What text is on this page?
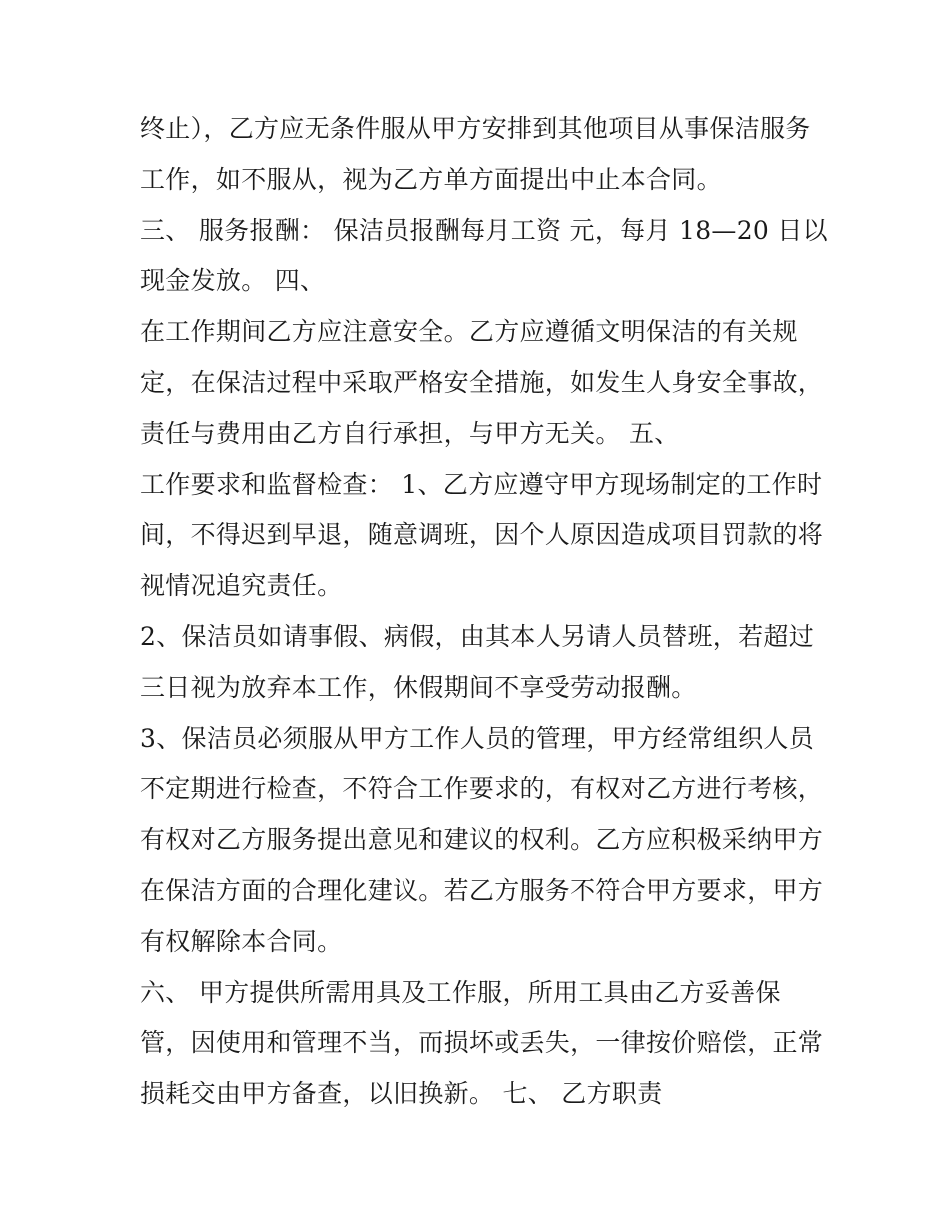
终止），乙方应无条件服从甲方安排到其他项目从事保洁服务
工作，如不服从，视为乙方单方面提出中止本合同。
三、 服务报酬： 保洁员报酬每月工资 元，每月 18—20 日以
现金发放。 四、
在工作期间乙方应注意安全。乙方应遵循文明保洁的有关规
定，在保洁过程中采取严格安全措施，如发生人身安全事故，
责任与费用由乙方自行承担，与甲方无关。 五、
工作要求和监督检查： 1、乙方应遵守甲方现场制定的工作时
间，不得迟到早退，随意调班，因个人原因造成项目罚款的将
视情况追究责任。
2、保洁员如请事假、病假，由其本人另请人员替班，若超过
三日视为放弃本工作，休假期间不享受劳动报酬。
3、保洁员必须服从甲方工作人员的管理，甲方经常组织人员
不定期进行检查，不符合工作要求的，有权对乙方进行考核，
有权对乙方服务提出意见和建议的权利。乙方应积极采纳甲方
在保洁方面的合理化建议。若乙方服务不符合甲方要求，甲方
有权解除本合同。
六、 甲方提供所需用具及工作服，所用工具由乙方妥善保
管，因使用和管理不当，而损坏或丢失，一律按价赔偿，正常
损耗交由甲方备查，以旧换新。 七、 乙方职责
